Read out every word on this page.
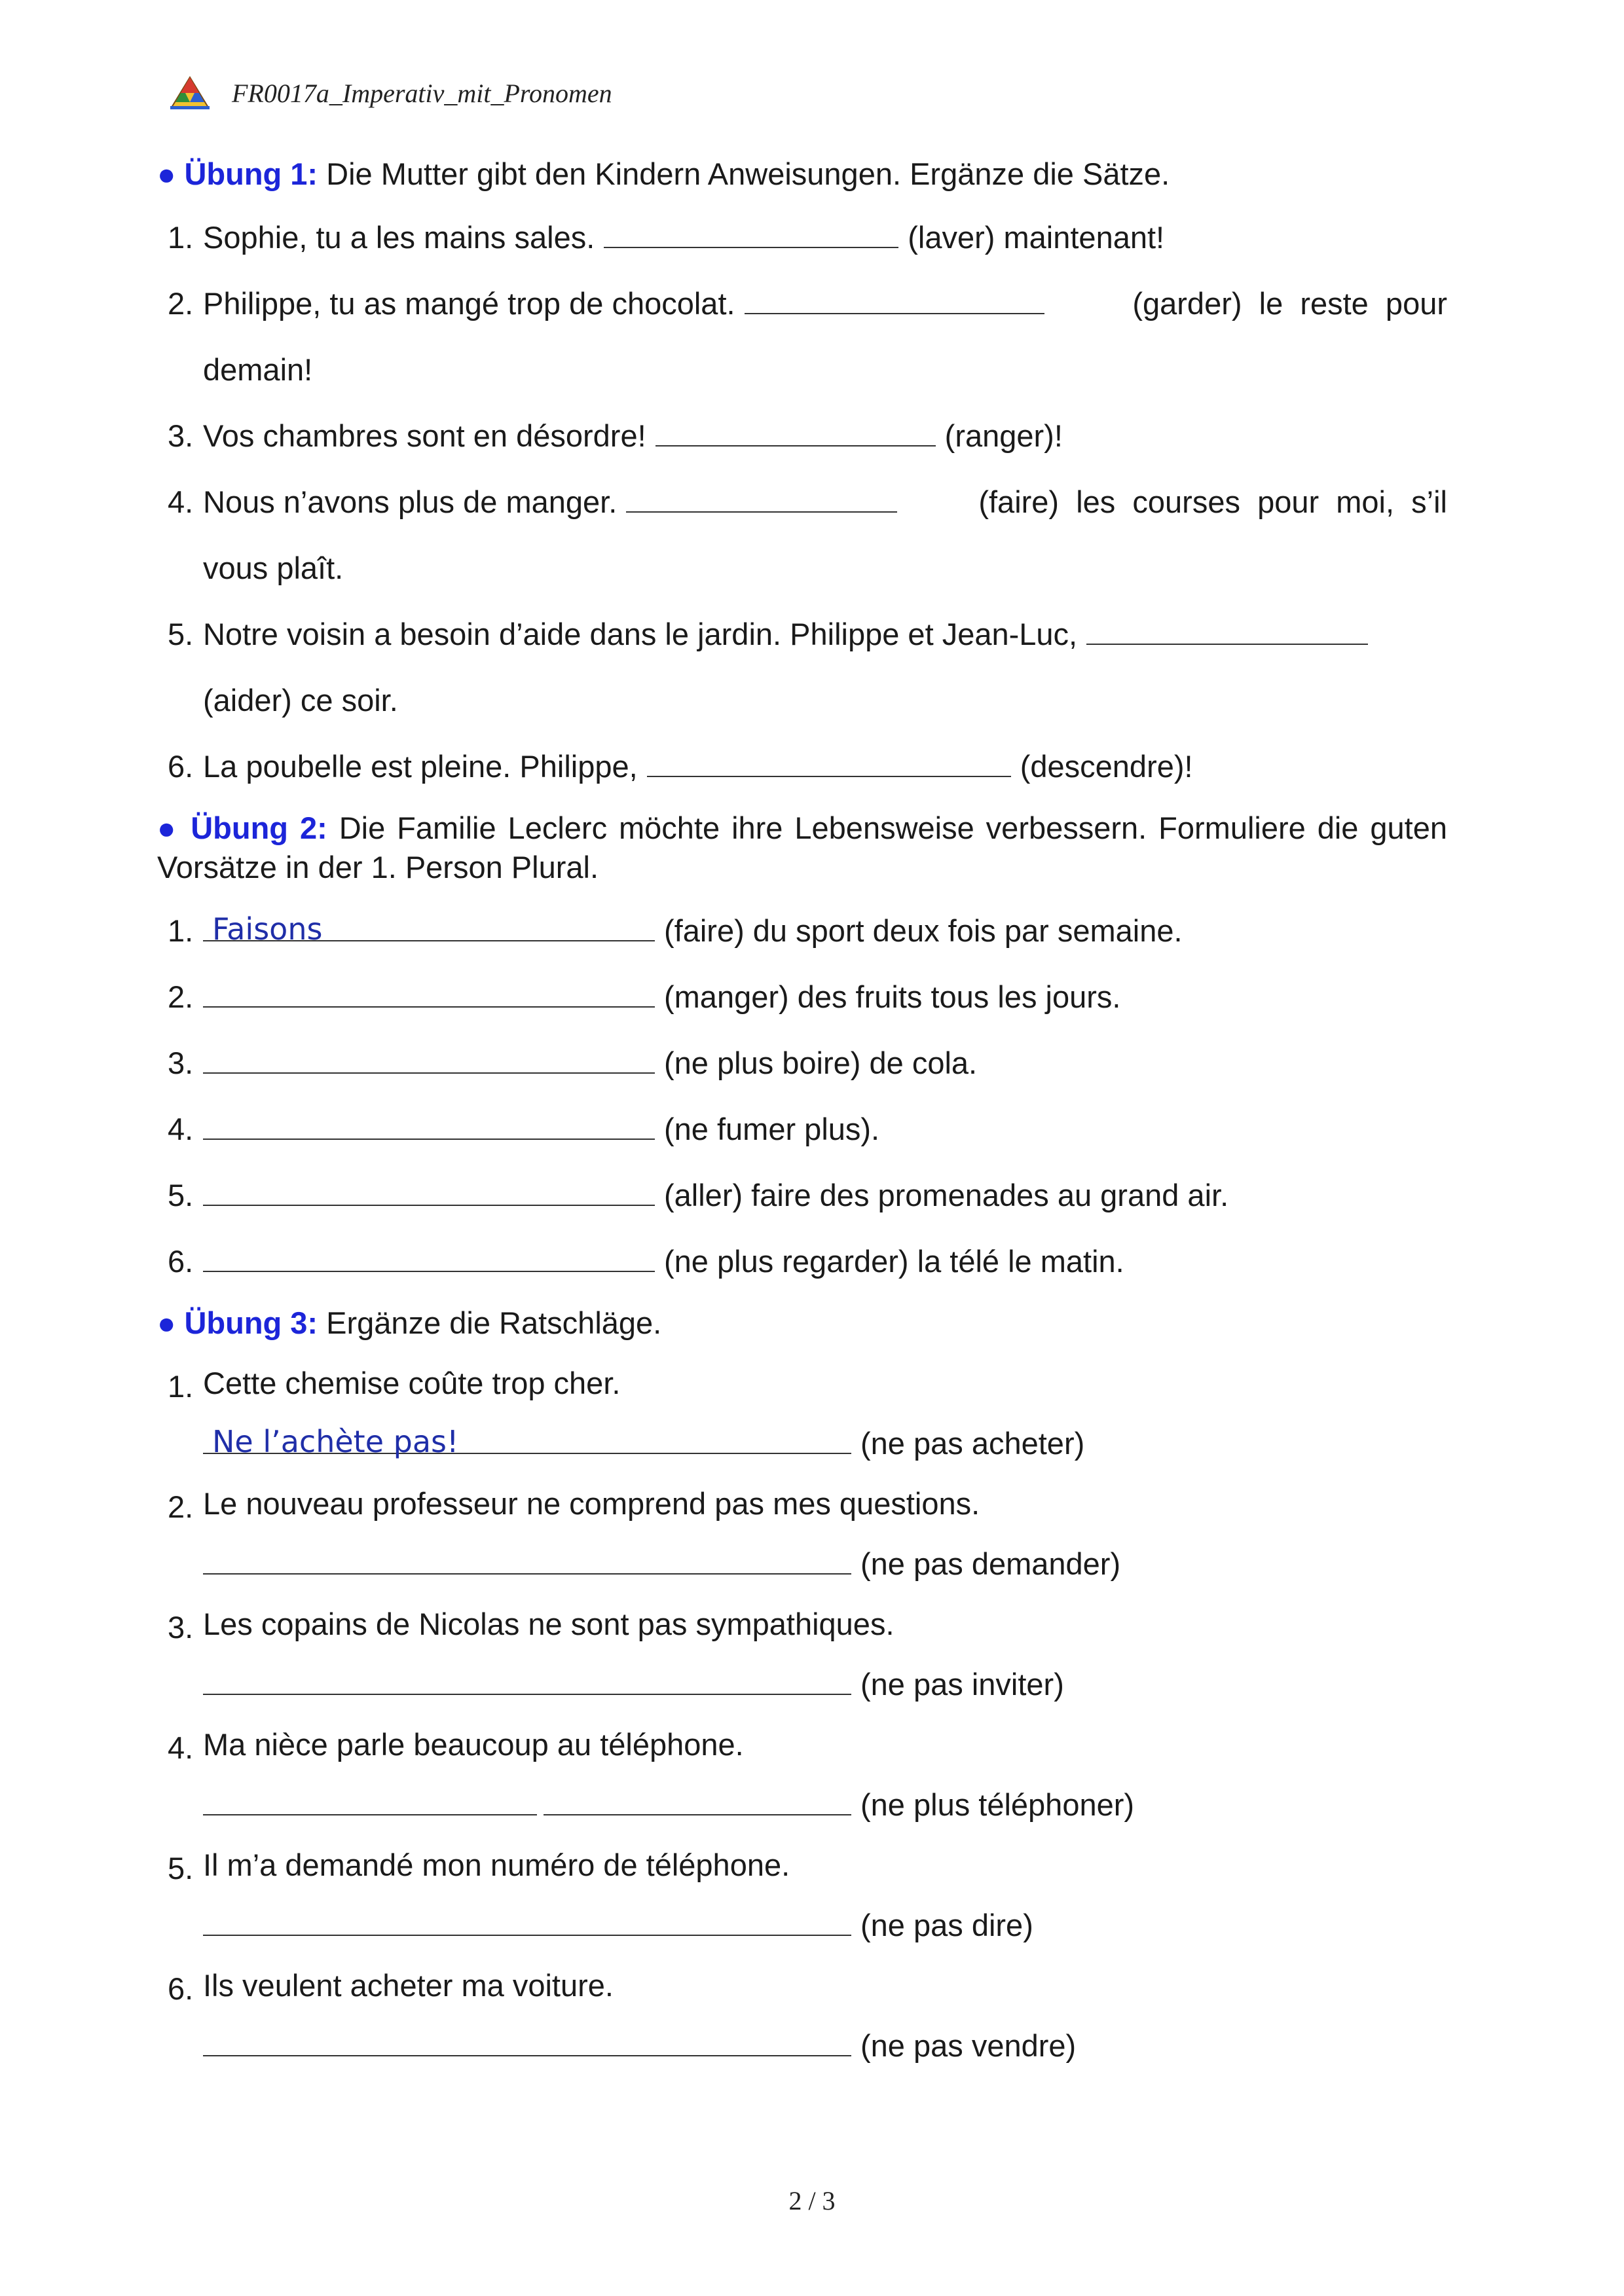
FR0017a_Imperativ_mit_Pronomen
● Übung 1: Die Mutter gibt den Kindern Anweisungen. Ergänze die Sätze.
1. Sophie, tu a les mains sales.	(laver) maintenant!
2. Philippe, tu as mangé trop de chocolat.	(garder)  le  reste  pour
demain!
3. Vos chambres sont en désordre!	(ranger)!
4. Nous n’avons plus de manger.	(faire)  les  courses  pour  moi,  s’il
vous plaît.
5. Notre voisin a besoin d’aide dans le jardin. Philippe et Jean-Luc,
(aider) ce soir.
6. La poubelle est pleine. Philippe,	(descendre)!
● Übung 2: Die Familie Leclerc möchte ihre Lebensweise verbessern. Formuliere die guten Vorsätze in der 1. Person Plural.
1. Faisons	(faire) du sport deux fois par semaine.
2.	(manger) des fruits tous les jours.
3.	(ne plus boire) de cola.
4.	(ne fumer plus).
5.	(aller) faire des promenades au grand air.
6.	(ne plus regarder) la télé le matin.
● Übung 3: Ergänze die Ratschläge.
1. Cette chemise coûte trop cher.
Ne l’achète pas!	(ne pas acheter)
2. Le nouveau professeur ne comprend pas mes questions.
(ne pas demander)
3. Les copains de Nicolas ne sont pas sympathiques.
(ne pas inviter)
4. Ma nièce parle beaucoup au téléphone.
(ne plus téléphoner)
5. Il m’a demandé mon numéro de téléphone.
(ne pas dire)
6. Ils veulent acheter ma voiture.
(ne pas vendre)
2 / 3
